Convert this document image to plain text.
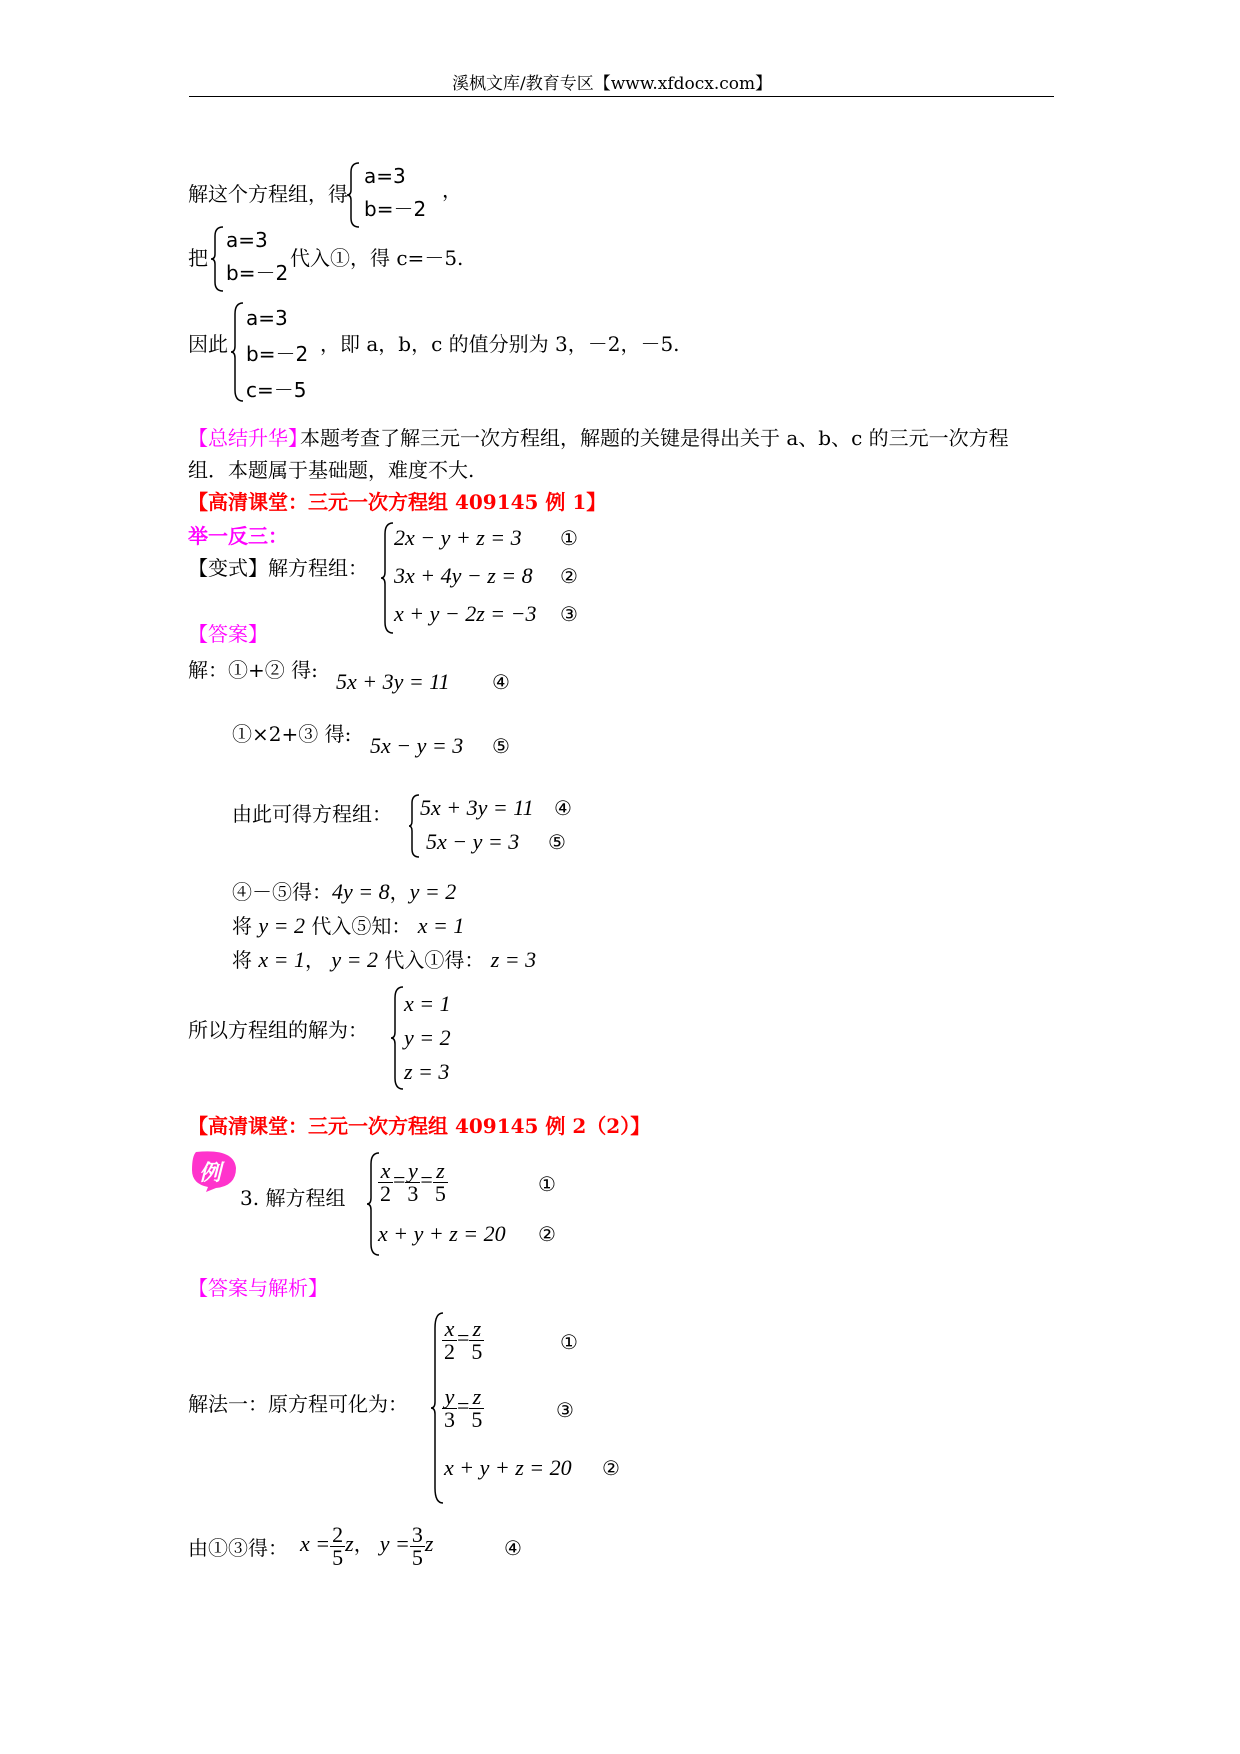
溪枫文库/教育专区【www.xfdocx.com】
解这个方程组，得
a=3
b=－2
，
把
a=3
b=－2
代入①，得 c=－5.
因此
a=3
b=－2
c=－5
，即 a，b，c 的值分别为 3，－2，－5.
【总结升华】
本题考查了解三元一次方程组，解题的关键是得出关于 a、b、c 的三元一次方程
组．本题属于基础题，难度不大.
【高清课堂：三元一次方程组 409145 例 1】
举一反三：
【变式】解方程组：
2x − y + z = 3
3x + 4y − z = 8
x + y − 2z = −3
①
②
③
【答案】
解：①+② 得: 5x + 3y = 11 ④
①×2+③ 得: 5x − y = 3 ⑤
由此可得方程组： 5x + 3y = 11
5x − y = 3
④
⑤
④－⑤得：4y = 8，y = 2
将 y = 2 代入⑤知： x = 1
将 x = 1， y = 2 代入①得： z = 3
所以方程组的解为：
x = 1
y = 2
z = 3
【高清课堂：三元一次方程组 409145 例 2（2）】
例
3. 解方程组 $\frac{x}{2} = \frac{y}{3} = \frac{z}{5}$
x + y + z = 20
①
②
【答案与解析】
解法一：原方程可化为：
$\frac{x}{2} = \frac{z}{5}$	①
$\frac{y}{3} = \frac{z}{5}$	③
x + y + z = 20 ②
由①③得： $x = \frac{2}{5}$ z， $y = \frac{3}{5}$ z	④
